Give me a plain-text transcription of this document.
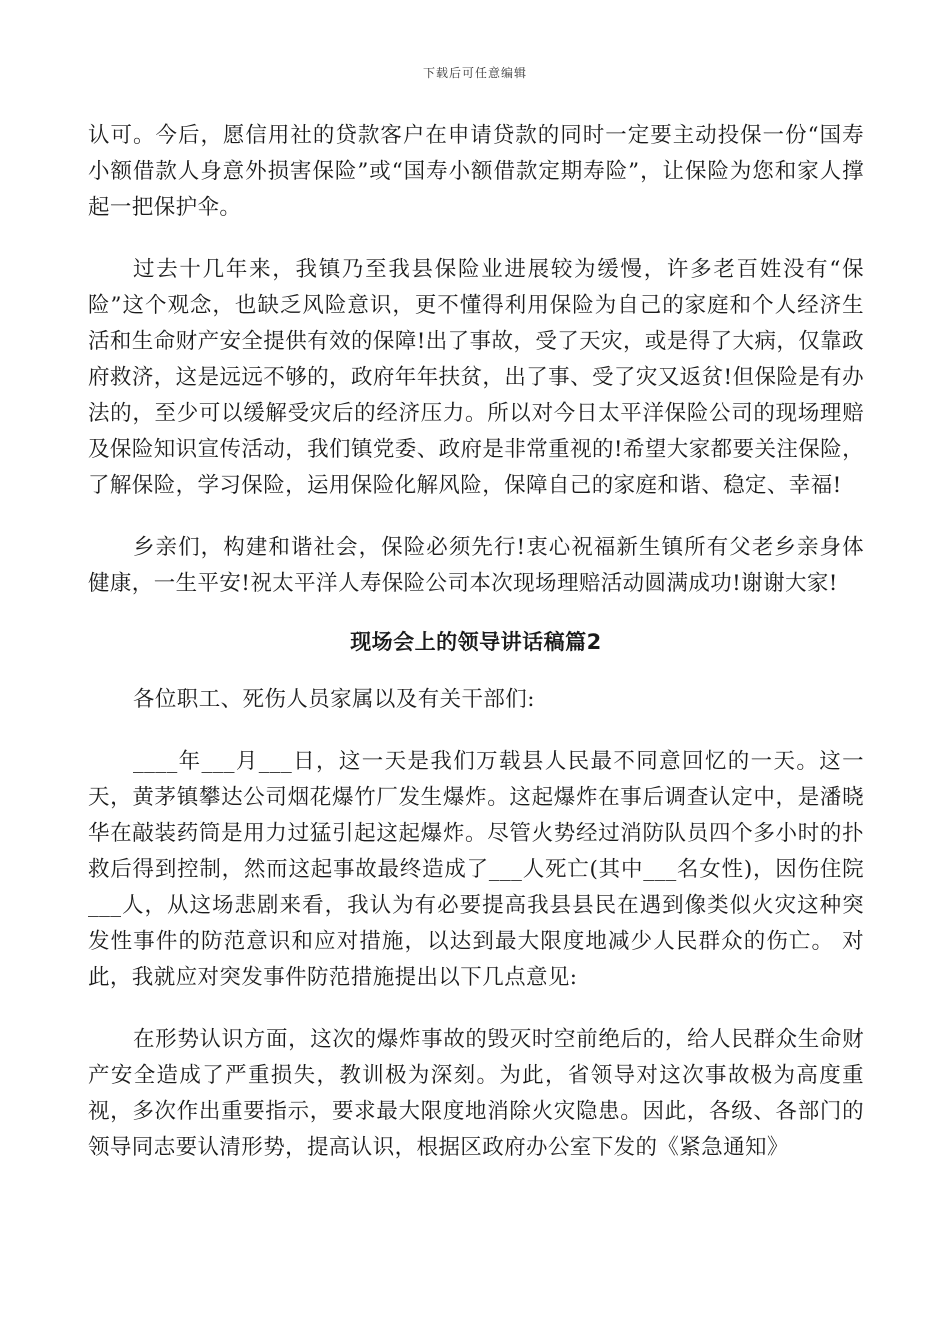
下载后可任意编辑

认可。今后，愿信用社的贷款客户在申请贷款的同时一定要主动投保一份“国寿小额借款人身意外损害保险”或“国寿小额借款定期寿险”，让保险为您和家人撑起一把保护伞。

过去十几年来，我镇乃至我县保险业进展较为缓慢，许多老百姓没有“保险”这个观念，也缺乏风险意识，更不懂得利用保险为自己的家庭和个人经济生活和生命财产安全提供有效的保障!出了事故，受了天灾，或是得了大病，仅靠政府救济，这是远远不够的，政府年年扶贫，出了事、受了灾又返贫!但保险是有办法的，至少可以缓解受灾后的经济压力。所以对今日太平洋保险公司的现场理赔及保险知识宣传活动，我们镇党委、政府是非常重视的!希望大家都要关注保险，了解保险，学习保险，运用保险化解风险，保障自己的家庭和谐、稳定、幸福!

乡亲们，构建和谐社会，保险必须先行!衷心祝福新生镇所有父老乡亲身体健康，一生平安!祝太平洋人寿保险公司本次现场理赔活动圆满成功!谢谢大家!

现场会上的领导讲话稿篇2

各位职工、死伤人员家属以及有关干部们:

____年___月___日，这一天是我们万载县人民最不同意回忆的一天。这一天，黄茅镇攀达公司烟花爆竹厂发生爆炸。这起爆炸在事后调查认定中，是潘晓华在敲装药筒是用力过猛引起这起爆炸。尽管火势经过消防队员四个多小时的扑救后得到控制，然而这起事故最终造成了___人死亡(其中___名女性)，因伤住院___人，从这场悲剧来看，我认为有必要提高我县县民在遇到像类似火灾这种突发性事件的防范意识和应对措施，以达到最大限度地减少人民群众的伤亡。 对此，我就应对突发事件防范措施提出以下几点意见:

在形势认识方面，这次的爆炸事故的毁灭时空前绝后的，给人民群众生命财产安全造成了严重损失，教训极为深刻。为此，省领导对这次事故极为高度重视，多次作出重要指示，要求最大限度地消除火灾隐患。因此，各级、各部门的领导同志要认清形势，提高认识，根据区政府办公室下发的《紧急通知》
